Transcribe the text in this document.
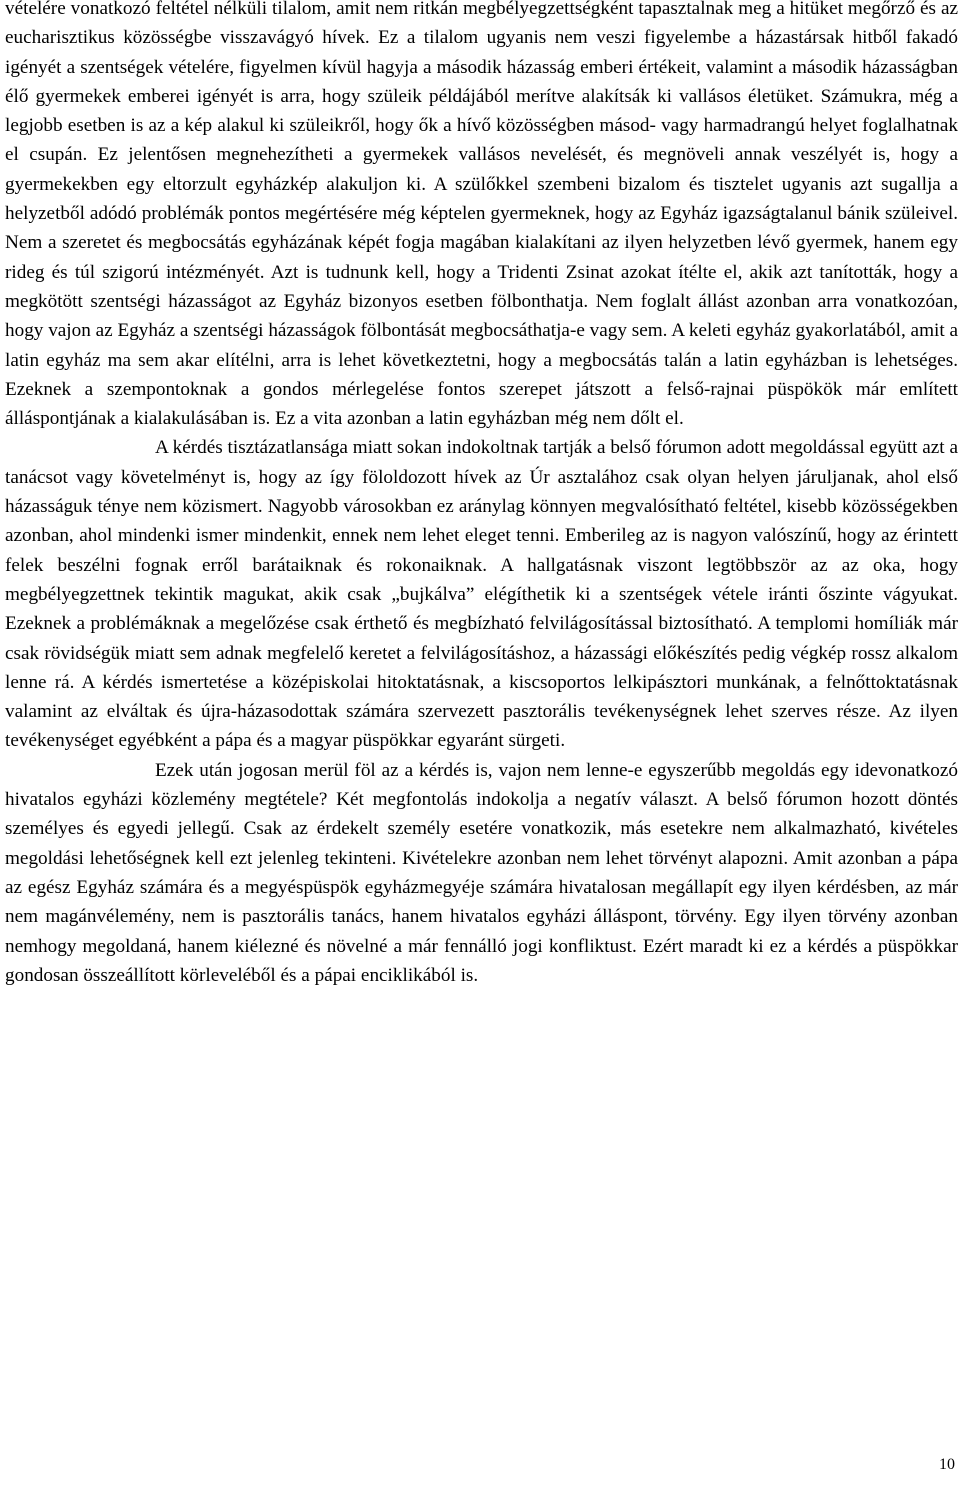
vételére vonatkozó feltétel nélküli tilalom, amit nem ritkán megbélyegzettségként tapasztalnak meg a hitüket megőrző és az eucharisztikus közösségbe visszavágyó hívek. Ez a tilalom ugyanis nem veszi figyelembe a házastársak hitből fakadó igényét a szentségek vételére, figyelmen kívül hagyja a második házasság emberi értékeit, valamint a második házasságban élő gyermekek emberei igényét is arra, hogy szüleik példájából merítve alakítsák ki vallásos életüket. Számukra, még a legjobb esetben is az a kép alakul ki szüleikről, hogy ők a hívő közösségben másod- vagy harmadrangú helyet foglalhatnak el csupán. Ez jelentősen megnehezítheti a gyermekek vallásos nevelését, és megnöveli annak veszélyét is, hogy a gyermekekben egy eltorzult egyházkép alakuljon ki. A szülőkkel szembeni bizalom és tisztelet ugyanis azt sugallja a helyzetből adódó problémák pontos megértésére még képtelen gyermeknek, hogy az Egyház igazságtalanul bánik szüleivel. Nem a szeretet és megbocsátás egyházának képét fogja magában kialakítani az ilyen helyzetben lévő gyermek, hanem egy rideg és túl szigorú intézményét. Azt is tudnunk kell, hogy a Tridenti Zsinat azokat ítélte el, akik azt tanították, hogy a megkötött szentségi házasságot az Egyház bizonyos esetben fölbonthatja. Nem foglalt állást azonban arra vonatkozóan, hogy vajon az Egyház a szentségi házasságok fölbontását megbocsáthatja-e vagy sem. A keleti egyház gyakorlatából, amit a latin egyház ma sem akar elítélni, arra is lehet következtetni, hogy a megbocsátás talán a latin egyházban is lehetséges. Ezeknek a szempontoknak a gondos mérlegelése fontos szerepet játszott a felső-rajnai püspökök már említett álláspontjának a kialakulásában is. Ez a vita azonban a latin egyházban még nem dőlt el.

A kérdés tisztázatlansága miatt sokan indokoltnak tartják a belső fórumon adott megoldással együtt azt a tanácsot vagy követelményt is, hogy az így föloldozott hívek az Úr asztalához csak olyan helyen járuljanak, ahol első házasságuk ténye nem közismert. Nagyobb városokban ez aránylag könnyen megvalósítható feltétel, kisebb közösségekben azonban, ahol mindenki ismer mindenkit, ennek nem lehet eleget tenni. Emberileg az is nagyon valószínű, hogy az érintett felek beszélni fognak erről barátaiknak és rokonaiknak. A hallgatásnak viszont legtöbbször az az oka, hogy megbélyegzettnek tekintik magukat, akik csak „bujkálva” elégíthetik ki a szentségek vétele iránti őszinte vágyukat. Ezeknek a problémáknak a megelőzése csak érthető és megbízható felvilágosítással biztosítható. A templomi homíliák már csak rövidségük miatt sem adnak megfelelő keretet a felvilágosításhoz, a házassági előkészítés pedig végkép rossz alkalom lenne rá. A kérdés ismertetése a középiskolai hitoktatásnak, a kiscsoportos lelkipásztori munkának, a felnőttoktatásnak valamint az elváltak és újra-házasodottak számára szervezett pasztorális tevékenységnek lehet szerves része. Az ilyen tevékenységet egyébként a pápa és a magyar püspökkar egyaránt sürgeti.

Ezek után jogosan merül föl az a kérdés is, vajon nem lenne-e egyszerűbb megoldás egy idevonatkozó hivatalos egyházi közlemény megtétele? Két megfontolás indokolja a negatív választ. A belső fórumon hozott döntés személyes és egyedi jellegű. Csak az érdekelt személy esetére vonatkozik, más esetekre nem alkalmazható, kivételes megoldási lehetőségnek kell ezt jelenleg tekinteni. Kivételekre azonban nem lehet törvényt alapozni. Amit azonban a pápa az egész Egyház számára és a megyéspüspök egyházmegyéje számára hivatalosan megállapít egy ilyen kérdésben, az már nem magánvélemény, nem is pasztorális tanács, hanem hivatalos egyházi álláspont, törvény. Egy ilyen törvény azonban nemhogy megoldaná, hanem kiélezné és növelné a már fennálló jogi konfliktust. Ezért maradt ki ez a kérdés a püspökkar gondosan összeállított körleveléből és a pápai enciklikából is.

10
